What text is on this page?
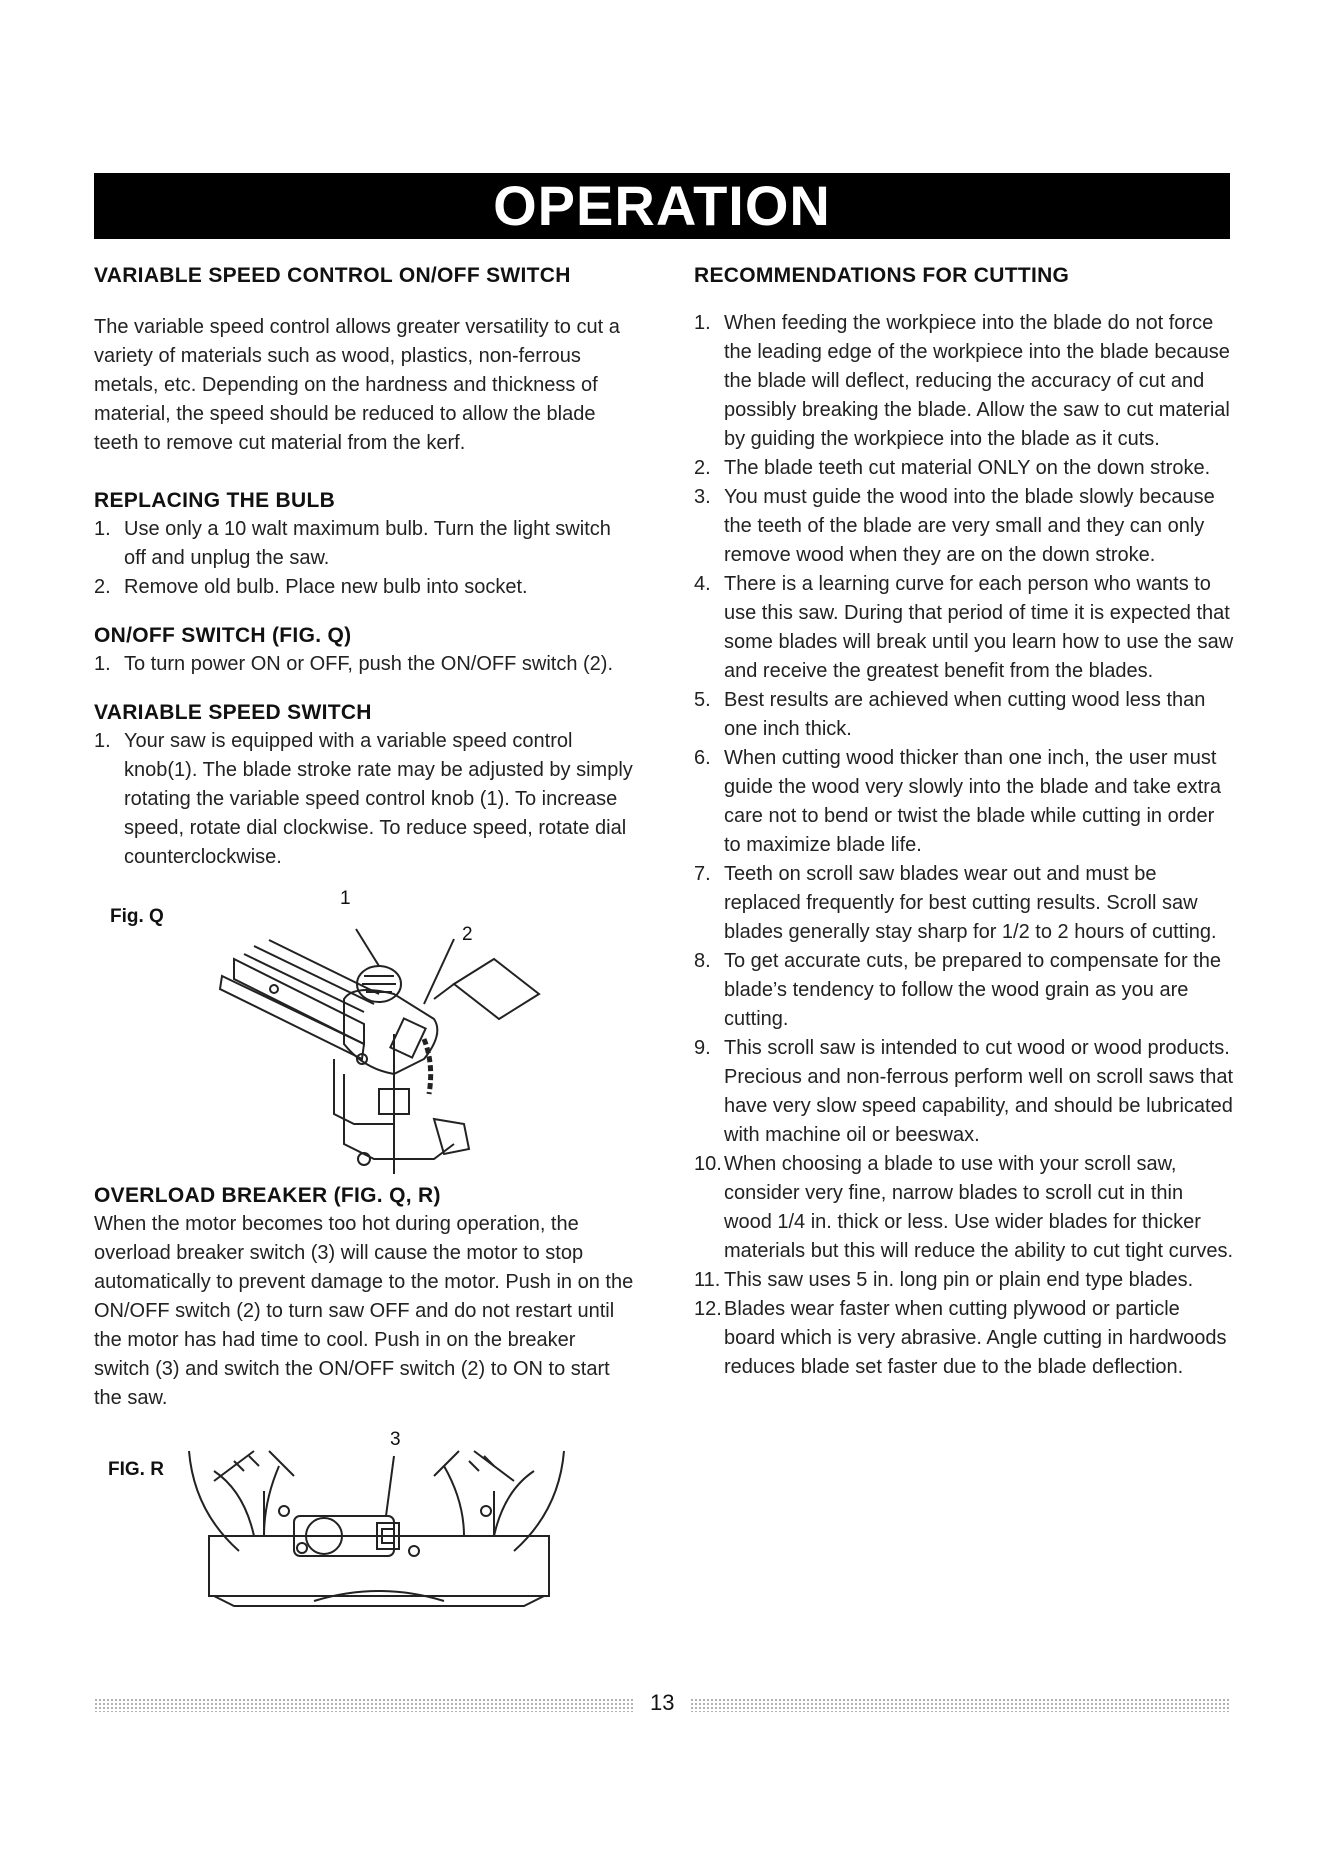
OPERATION
VARIABLE SPEED CONTROL ON/OFF SWITCH

The variable speed control allows greater versatility to cut a variety of materials such as wood, plastics, non-ferrous metals, etc. Depending on the hardness and thickness of material, the speed should be reduced to allow the blade teeth to remove cut material from the kerf.

REPLACING THE BULB
1. Use only a 10 walt maximum bulb. Turn the light switch off and unplug the saw.
2. Remove old bulb. Place new bulb into socket.
ON/OFF SWITCH (FIG. Q)
1. To turn power ON or OFF, push the ON/OFF switch (2).
VARIABLE SPEED SWITCH
1. Your saw is equipped with a variable speed control knob(1). The blade stroke rate may be adjusted by simply rotating the variable speed control knob (1). To increase speed, rotate dial clockwise. To reduce speed, rotate dial counterclockwise.
Fig. Q
1
2
OVERLOAD BREAKER (FIG. Q, R)

When the motor becomes too hot during operation, the overload breaker switch (3) will cause the motor to stop automatically to prevent damage to the motor. Push in on the ON/OFF switch (2) to turn saw OFF and do not restart until the motor has had time to cool. Push in on the breaker switch (3) and switch the ON/OFF switch (2) to ON to start the saw.

FIG. R
3
RECOMMENDATIONS FOR CUTTING
1. When feeding the workpiece into the blade do not force the leading edge of the workpiece into the blade because the blade will deflect, reducing the accuracy of cut and possibly breaking the blade. Allow the saw to cut material by guiding the workpiece into the blade as it cuts.
2. The blade teeth cut material ONLY on the down stroke.
3. You must guide the wood into the blade slowly because the teeth of the blade are very small and they can only remove wood when they are on the down stroke.
4. There is a learning curve for each person who wants to use this saw. During that period of time it is expected that some blades will break until you learn how to use the saw and receive the greatest benefit from the blades.
5. Best results are achieved when cutting wood less than one inch thick.
6. When cutting wood thicker than one inch, the user must guide the wood very slowly into the blade and take extra care not to bend or twist the blade while cutting in order to maximize blade life.
7. Teeth on scroll saw blades wear out and must be replaced frequently for best cutting results. Scroll saw blades generally stay sharp for 1/2 to 2 hours of cutting.
8. To get accurate cuts, be prepared to compensate for the blade’s tendency to follow the wood grain as you are cutting.
9. This scroll saw is intended to cut wood or wood products. Precious and non-ferrous perform well on scroll saws that have very slow speed capability, and should be lubricated with machine oil or beeswax.
10. When choosing a blade to use with your scroll saw, consider very fine, narrow blades to scroll cut in thin wood 1/4 in. thick or less. Use wider blades for thicker materials but this will reduce the ability to cut tight curves.
11. This saw uses 5 in. long pin or plain end type blades.
12. Blades wear faster when cutting plywood or particle board which is very abrasive. Angle cutting in hardwoods reduces blade set faster due to the blade deflection.
13
